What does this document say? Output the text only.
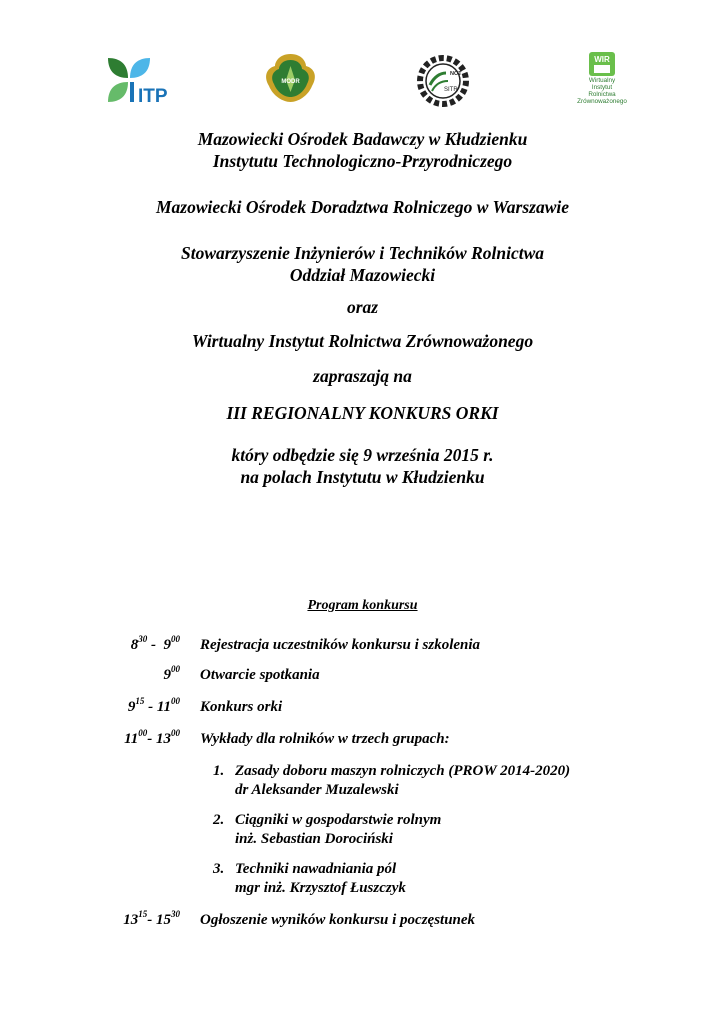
ITP
MODR
SITR
NOT
WIR
Wirtualny
Instytut
Rolnictwa
Zrównoważonego
Mazowiecki Ośrodek Badawczy w Kłudzienku
Instytutu Technologiczno-Przyrodniczego
Mazowiecki Ośrodek Doradztwa Rolniczego w Warszawie
Stowarzyszenie Inżynierów i Techników Rolnictwa
Oddział Mazowiecki
oraz
Wirtualny Instytut Rolnictwa Zrównoważonego
zapraszają na
III REGIONALNY KONKURS ORKI
który odbędzie się 9 września 2015 r.
na polach Instytutu w Kłudzienku
Program konkursu
$8^{30} - 9^{00}$ Rejestracja uczestników konkursu i szkolenia
$9^{00}$ Otwarcie spotkania
$9^{15} - 11^{00}$ Konkurs orki
$11^{00}-$ $13^{00}$ Wykłady dla rolników w trzech grupach:
1. Zasady doboru maszyn rolniczych (PROW 2014-2020)
dr Aleksander Muzalewski
2. Ciągniki w gospodarstwie rolnym
inż. Sebastian Dorociński
3. Techniki nawadniania pól
mgr inż. Krzysztof Łuszczyk
$13^{15}-$ $15^{30}$ Ogłoszenie wyników konkursu i poczęstunek
